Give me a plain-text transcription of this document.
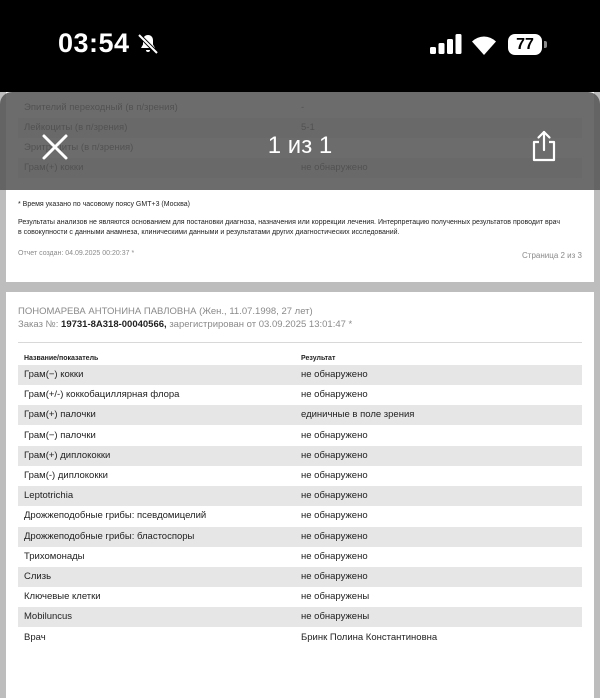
03:54	77
* Время указано по часовому поясу GMT+3 (Москва)
Результаты анализов не являются основанием для постановки диагноза, назначения или коррекции лечения. Интерпретацию полученных результатов проводит врач
в совокупности с данными анамнеза, клиническими данными и результатами других диагностических исследований.
Отчет создан: 04.09.2025 00:20:37 *	Страница 2 из 3
ПОНОМАРЕВА АНТОНИНА ПАВЛОВНА (Жен., 11.07.1998, 27 лет)
Заказ №: 19731-8А318-00040566, зарегистрирован от 03.09.2025 13:01:47 *
Название/показатель	Результат
Грам(−) кокки	не обнаружено
Грам(+/-) коккобациллярная флора	не обнаружено
Грам(+) палочки	единичные в поле зрения
Грам(−) палочки	не обнаружено
Грам(+) диплококки	не обнаружено
Грам(-) диплококки	не обнаружено
Leptotrichia	не обнаружено
Дрожжеподобные грибы: псевдомицелий	не обнаружено
Дрожжеподобные грибы: бластоспоры	не обнаружено
Трихомонады	не обнаружено
Слизь	не обнаружено
Ключевые клетки	не обнаружены
Mobiluncus	не обнаружены
Врач	Бринк Полина Константиновна
1 из 1
